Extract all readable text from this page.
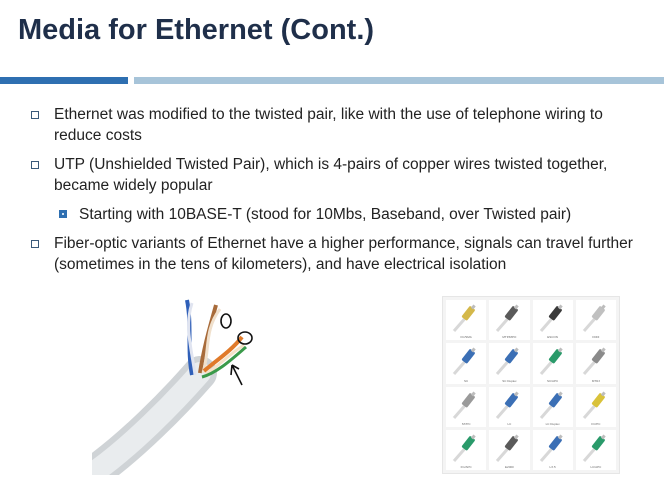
Media for Ethernet (Cont.)
Ethernet was modified to the twisted pair, like with the use of telephone wiring to reduce costs
UTP (Unshielded Twisted Pair), which is 4-pairs of copper wires twisted together, became widely popular
Starting with 10BASE-T (stood for 10Mbs, Baseband, over Twisted pair)
Fiber-optic variants of Ethernet have a higher performance, signals can travel further (sometimes in the tens of kilometers), and have electrical isolation
FC/SMA	MTP/MPO	ESCON	FDDI
SC	SC Duplex	SC/APC	MTRJ
ST/PC	LC	LC Duplex	FC/PC
FC/APC	E2000	LX.5	LC/APC
